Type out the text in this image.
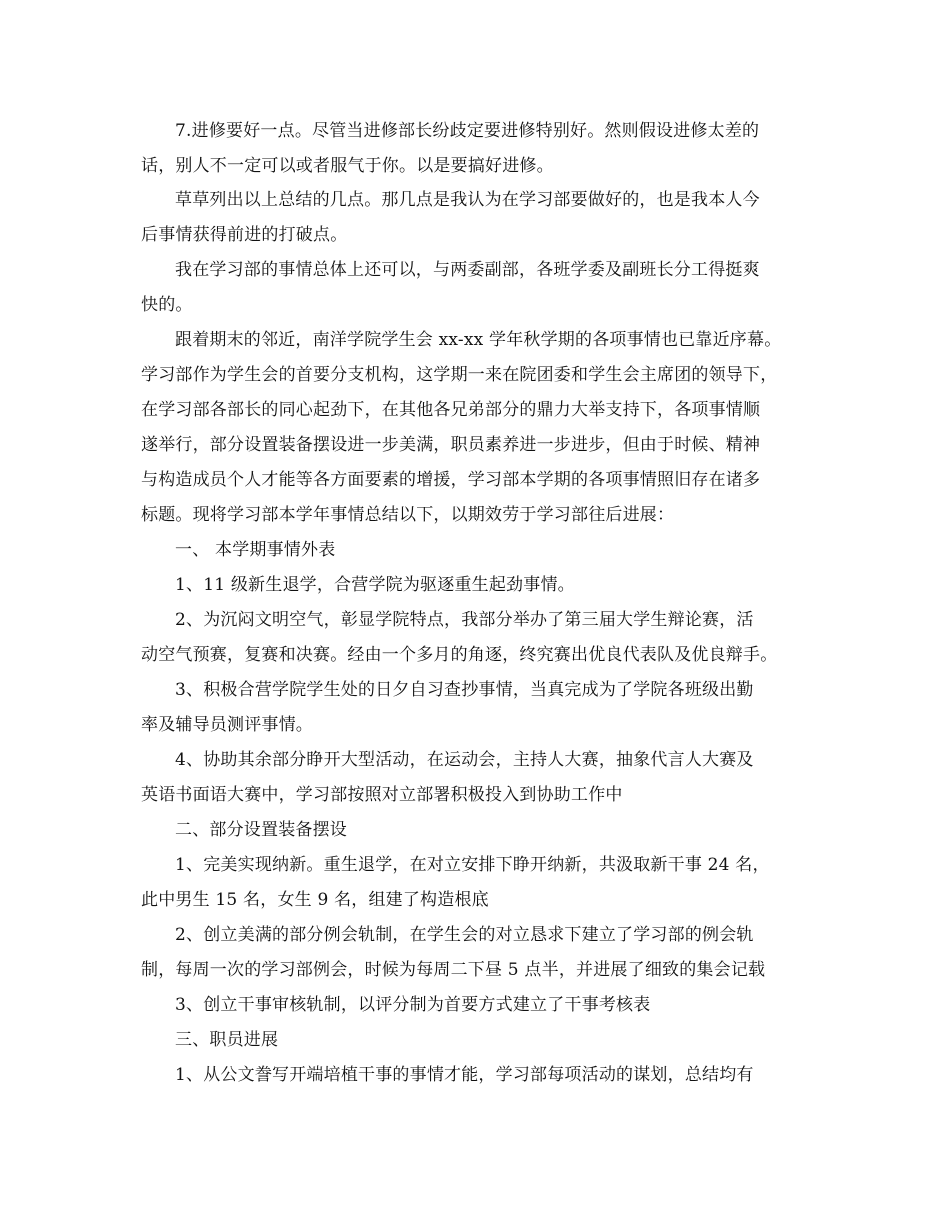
7.进修要好一点。尽管当进修部长纷歧定要进修特别好。然则假设进修太差的
话，别人不一定可以或者服气于你。以是要搞好进修。
草草列出以上总结的几点。那几点是我认为在学习部要做好的，也是我本人今
后事情获得前进的打破点。
我在学习部的事情总体上还可以，与两委副部，各班学委及副班长分工得挺爽
快的。
跟着期末的邻近，南洋学院学生会 xx-xx 学年秋学期的各项事情也已靠近序幕。
学习部作为学生会的首要分支机构，这学期一来在院团委和学生会主席团的领导下，
在学习部各部长的同心起劲下，在其他各兄弟部分的鼎力大举支持下，各项事情顺
遂举行，部分设置装备摆设进一步美满，职员素养进一步进步，但由于时候、精神
与构造成员个人才能等各方面要素的增援，学习部本学期的各项事情照旧存在诸多
标题。现将学习部本学年事情总结以下，以期效劳于学习部往后进展：
一、 本学期事情外表
1、11 级新生退学，合营学院为驱逐重生起劲事情。
2、为沉闷文明空气，彰显学院特点，我部分举办了第三届大学生辩论赛，活
动空气预赛，复赛和决赛。经由一个多月的角逐，终究赛出优良代表队及优良辩手。
3、积极合营学院学生处的日夕自习查抄事情，当真完成为了学院各班级出勤
率及辅导员测评事情。
4、协助其余部分睁开大型活动，在运动会，主持人大赛，抽象代言人大赛及
英语书面语大赛中，学习部按照对立部署积极投入到协助工作中
二、部分设置装备摆设
1、完美实现纳新。重生退学，在对立安排下睁开纳新，共汲取新干事 24 名，
此中男生 15 名，女生 9 名，组建了构造根底
2、创立美满的部分例会轨制，在学生会的对立恳求下建立了学习部的例会轨
制，每周一次的学习部例会，时候为每周二下昼 5 点半，并进展了细致的集会记载
3、创立干事审核轨制，以评分制为首要方式建立了干事考核表
三、职员进展
1、从公文誊写开端培植干事的事情才能，学习部每项活动的谋划，总结均有
